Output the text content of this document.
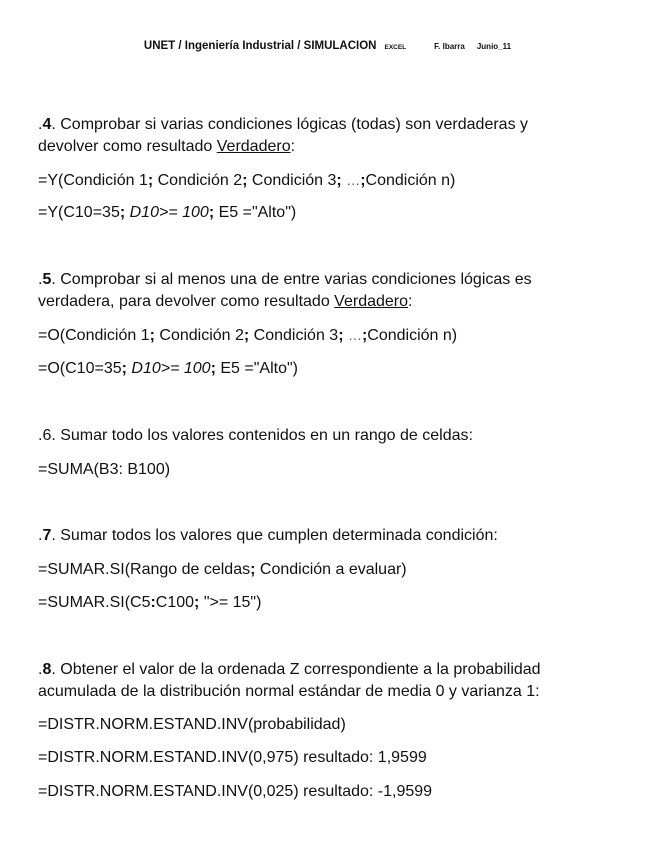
UNET / Ingeniería Industrial / SIMULACION EXCEL	F. Ibarra Junio_11
.4. Comprobar si varias condiciones lógicas (todas) son verdaderas y
devolver como resultado Verdadero:
=Y(Condición 1; Condición 2; Condición 3; …;Condición n)
=Y(C10=35; D10>= 100; E5 ="Alto")
.5. Comprobar si al menos una de entre varias condiciones lógicas es
verdadera, para devolver como resultado Verdadero:
=O(Condición 1; Condición 2; Condición 3; …;Condición n)
=O(C10=35; D10>= 100; E5 ="Alto")
.6. Sumar todo los valores contenidos en un rango de celdas:
=SUMA(B3: B100)
.7. Sumar todos los valores que cumplen determinada condición:
=SUMAR.SI(Rango de celdas; Condición a evaluar)
=SUMAR.SI(C5:C100; ">= 15")
.8. Obtener el valor de la ordenada Z correspondiente a la probabilidad
acumulada de la distribución normal estándar de media 0 y varianza 1:
=DISTR.NORM.ESTAND.INV(probabilidad)
=DISTR.NORM.ESTAND.INV(0,975) resultado: 1,9599
=DISTR.NORM.ESTAND.INV(0,025) resultado: -1,9599
